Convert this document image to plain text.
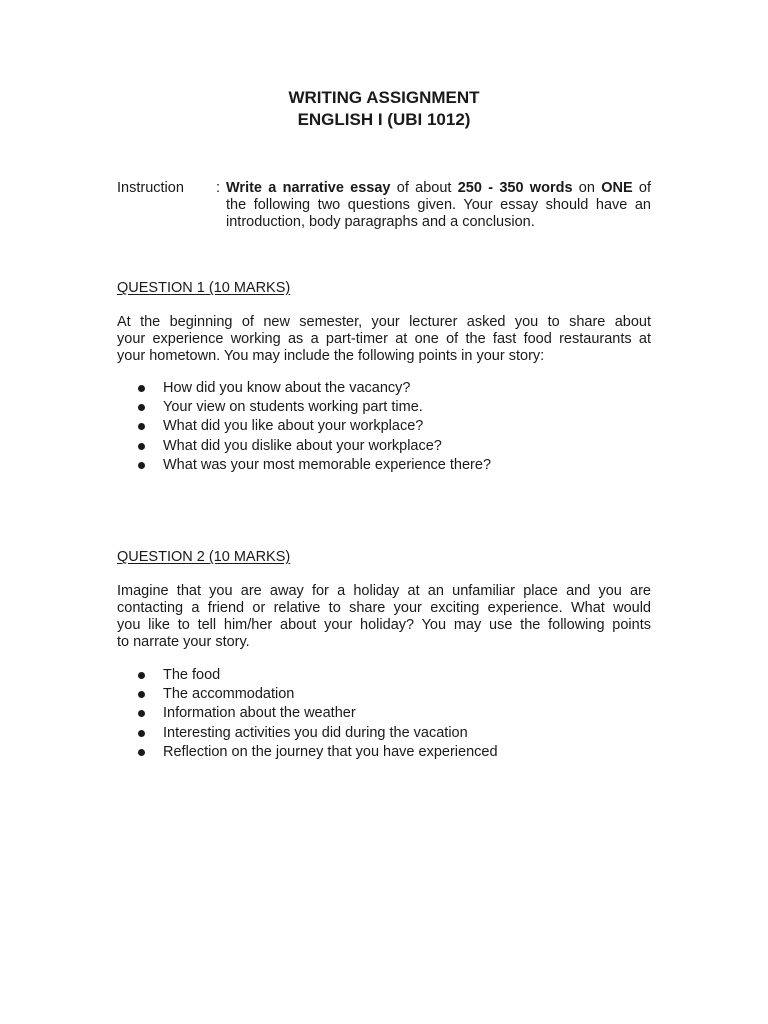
WRITING ASSIGNMENT
ENGLISH I (UBI 1012)
Instruction : Write a narrative essay of about 250 - 350 words on ONE of
the following two questions given. Your essay should have an
introduction, body paragraphs and a conclusion.
QUESTION 1 (10 MARKS)
At the beginning of new semester, your lecturer asked you to share about
your experience working as a part-timer at one of the fast food restaurants at
your hometown. You may include the following points in your story:
How did you know about the vacancy?
Your view on students working part time.
What did you like about your workplace?
What did you dislike about your workplace?
What was your most memorable experience there?
QUESTION 2 (10 MARKS)
Imagine that you are away for a holiday at an unfamiliar place and you are
contacting a friend or relative to share your exciting experience. What would
you like to tell him/her about your holiday? You may use the following points
to narrate your story.
The food
The accommodation
Information about the weather
Interesting activities you did during the vacation
Reflection on the journey that you have experienced
